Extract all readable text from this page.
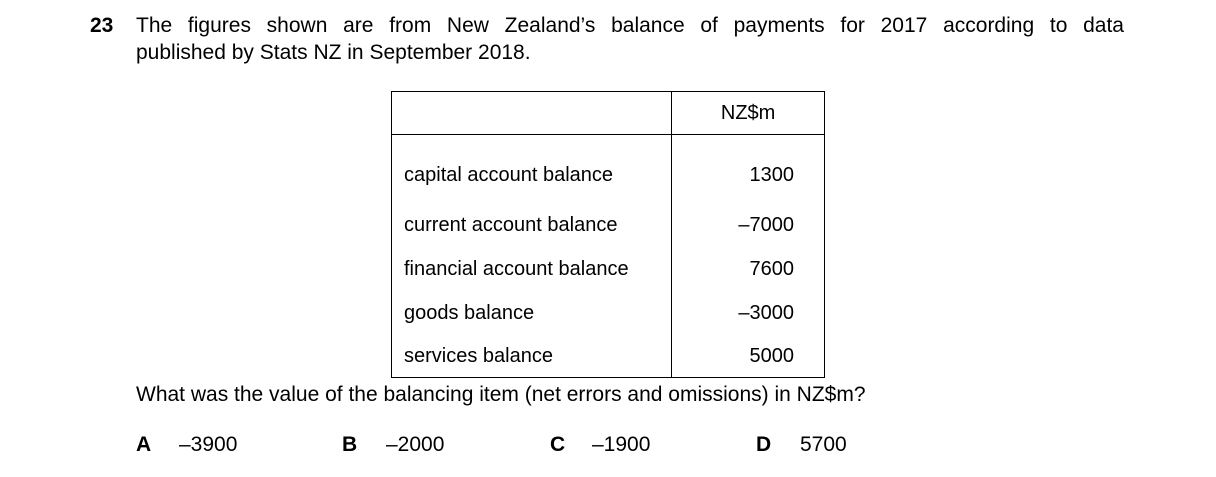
23 The figures shown are from New Zealand’s balance of payments for 2017 according to data
published by Stats NZ in September 2018.
	NZ$m
capital account balance	1300
current account balance	–7000
financial account balance	7600
goods balance	–3000
services balance	5000
What was the value of the balancing item (net errors and omissions) in NZ$m?
A –3900	B –2000	C –1900	D 5700
